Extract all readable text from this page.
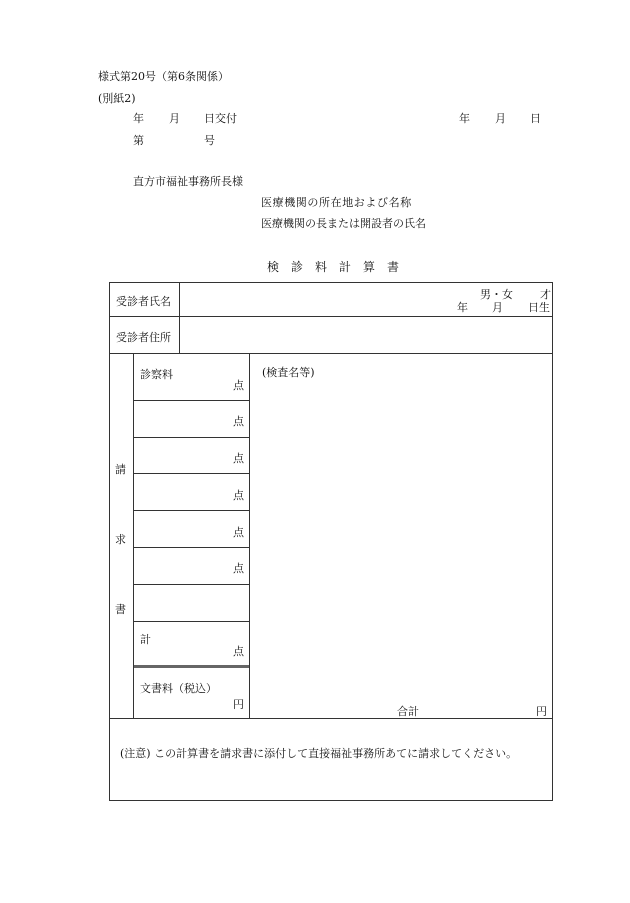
様式第20号（第6条関係）
(別紙2)
年 月 日交付
第	号
年 月 日
直方市福祉事務所長様
医療機関の所在地および名称
医療機関の長または開設者の氏名
検　診　料　計　算　書
受診者氏名
男・女 才
年 月 日生
受診者住所
請
求
書
診察料
点
点
点
点
点
点
計
点
文書料（税込）
円
(検査名等)
合計	円
(注意) この計算書を請求書に添付して直接福祉事務所あてに請求してください。
